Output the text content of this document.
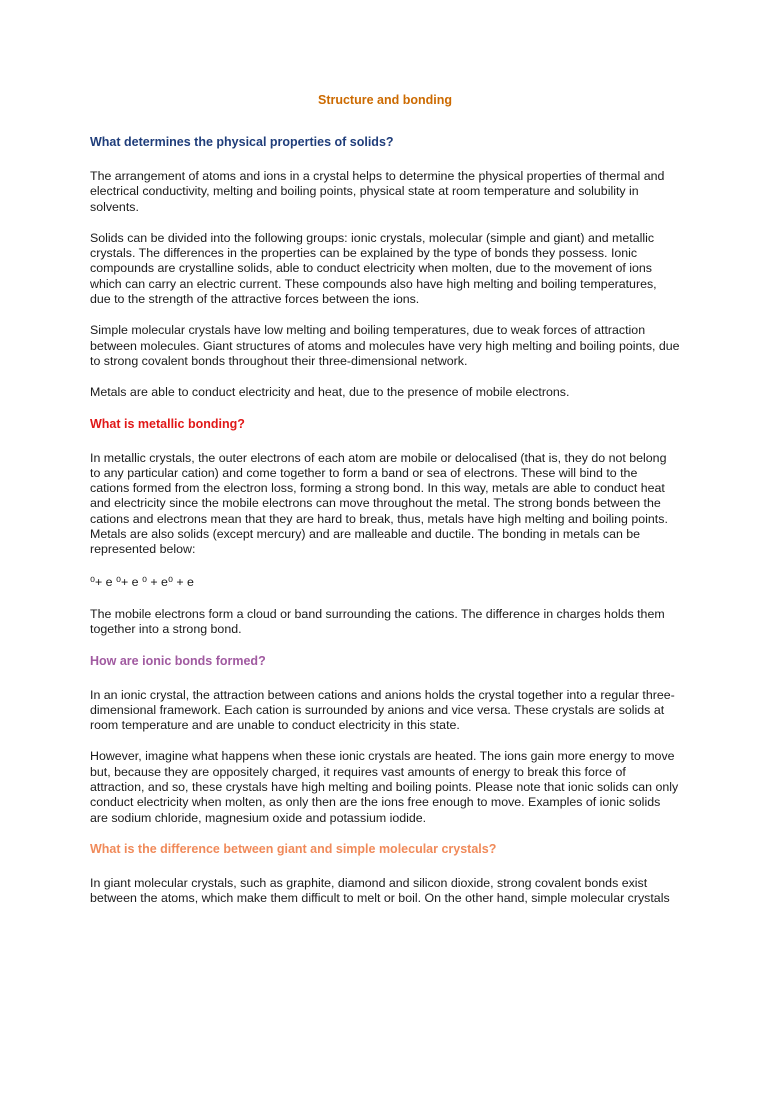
Structure and bonding
What determines the physical properties of solids?

The arrangement of atoms and ions in a crystal helps to determine the physical properties of thermal and electrical conductivity, melting and boiling points, physical state at room temperature and solubility in solvents.

Solids can be divided into the following groups: ionic crystals, molecular (simple and giant) and metallic crystals. The differences in the properties can be explained by the type of bonds they possess. Ionic compounds are crystalline solids, able to conduct electricity when molten, due to the movement of ions which can carry an electric current. These compounds also have high melting and boiling temperatures, due to the strength of the attractive forces between the ions.

Simple molecular crystals have low melting and boiling temperatures, due to weak forces of attraction between molecules. Giant structures of atoms and molecules have very high melting and boiling points, due to strong covalent bonds throughout their three-dimensional network.

Metals are able to conduct electricity and heat, due to the presence of mobile electrons.

What is metallic bonding?

In metallic crystals, the outer electrons of each atom are mobile or delocalised (that is, they do not belong to any particular cation) and come together to form a band or sea of electrons. These will bind to the cations formed from the electron loss, forming a strong bond. In this way, metals are able to conduct heat and electricity since the mobile electrons can move throughout the metal. The strong bonds between the cations and electrons mean that they are hard to break, thus, metals have high melting and boiling points. Metals are also solids (except mercury) and are malleable and ductile. The bonding in metals can be represented below:

⁰+ e ⁰+ e ⁰ + e⁰ + e

The mobile electrons form a cloud or band surrounding the cations. The difference in charges holds them together into a strong bond.

How are ionic bonds formed?

In an ionic crystal, the attraction between cations and anions holds the crystal together into a regular three-dimensional framework. Each cation is surrounded by anions and vice versa. These crystals are solids at room temperature and are unable to conduct electricity in this state.

However, imagine what happens when these ionic crystals are heated. The ions gain more energy to move but, because they are oppositely charged, it requires vast amounts of energy to break this force of attraction, and so, these crystals have high melting and boiling points. Please note that ionic solids can only conduct electricity when molten, as only then are the ions free enough to move. Examples of ionic solids are sodium chloride, magnesium oxide and potassium iodide.

What is the difference between giant and simple molecular crystals?

In giant molecular crystals, such as graphite, diamond and silicon dioxide, strong covalent bonds exist between the atoms, which make them difficult to melt or boil. On the other hand, simple molecular crystals
